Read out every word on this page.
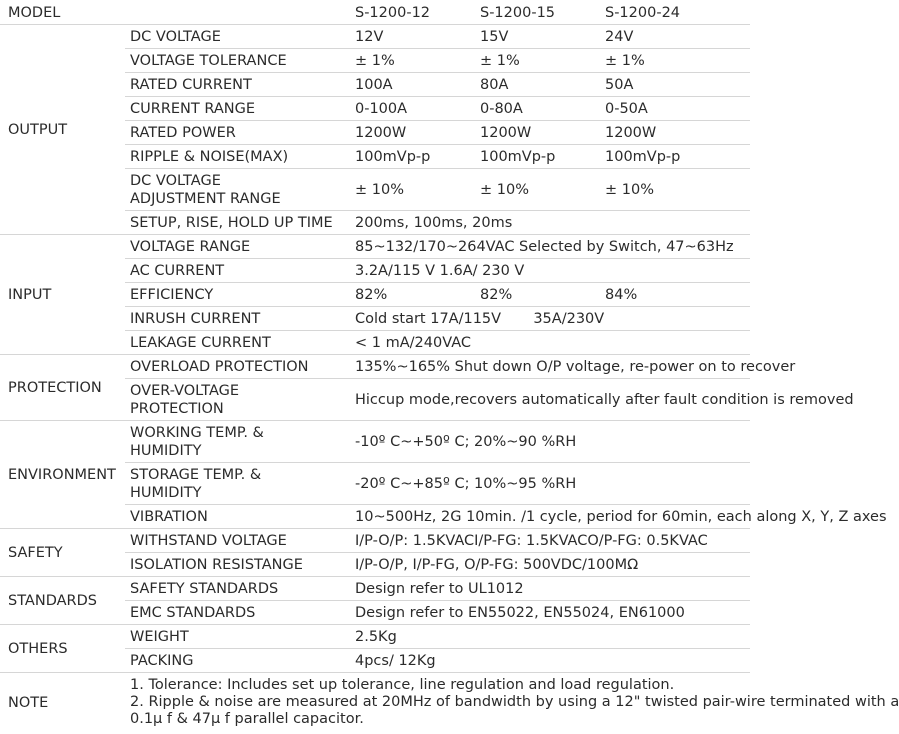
MODEL	S-1200-12	S-1200-15	S-1200-24
OUTPUT
DC VOLTAGE	12V	15V	24V
VOLTAGE TOLERANCE	± 1%	± 1%	± 1%
RATED CURRENT	100A	80A	50A
CURRENT RANGE	0-100A	0-80A	0-50A
RATED POWER	1200W	1200W	1200W
RIPPLE & NOISE(MAX)	100mVp-p	100mVp-p	100mVp-p
DC VOLTAGE
ADJUSTMENT RANGE
± 10%	± 10%	± 10%
SETUP, RISE, HOLD UP TIME 200ms, 100ms, 20ms
INPUT
VOLTAGE RANGE	85~132/170~264VAC Selected by Switch, 47~63Hz
AC CURRENT	3.2A/115 V 1.6A/ 230 V
EFFICIENCY	82%	82%	84%
INRUSH CURRENT	Cold start 17A/115V       35A/230V
LEAKAGE CURRENT	< 1 mA/240VAC
PROTECTION
OVERLOAD PROTECTION	135%~165% Shut down O/P voltage, re-power on to recover
OVER-VOLTAGE
PROTECTION
Hiccup mode,recovers automatically after fault condition is removed
ENVIRONMENT
WORKING TEMP. &
HUMIDITY
-10º C~+50º C; 20%~90 %RH
STORAGE TEMP. &
HUMIDITY
-20º C~+85º C; 10%~95 %RH
VIBRATION	10~500Hz, 2G 10min. /1 cycle, period for 60min, each along X, Y, Z axes
SAFETY
WITHSTAND VOLTAGE	I/P-O/P: 1.5KVACI/P-FG: 1.5KVACO/P-FG: 0.5KVAC
ISOLATION RESISTANGE	I/P-O/P, I/P-FG, O/P-FG: 500VDC/100MΩ
STANDARDS
SAFETY STANDARDS	Design refer to UL1012
EMC STANDARDS	Design refer to EN55022, EN55024, EN61000
OTHERS
WEIGHT	2.5Kg
PACKING	4pcs/ 12Kg
NOTE
1. Tolerance: Includes set up tolerance, line regulation and load regulation.
2. Ripple & noise are measured at 20MHz of bandwidth by using a 12" twisted pair-wire terminated with a
0.1μ f & 47μ f parallel capacitor.
